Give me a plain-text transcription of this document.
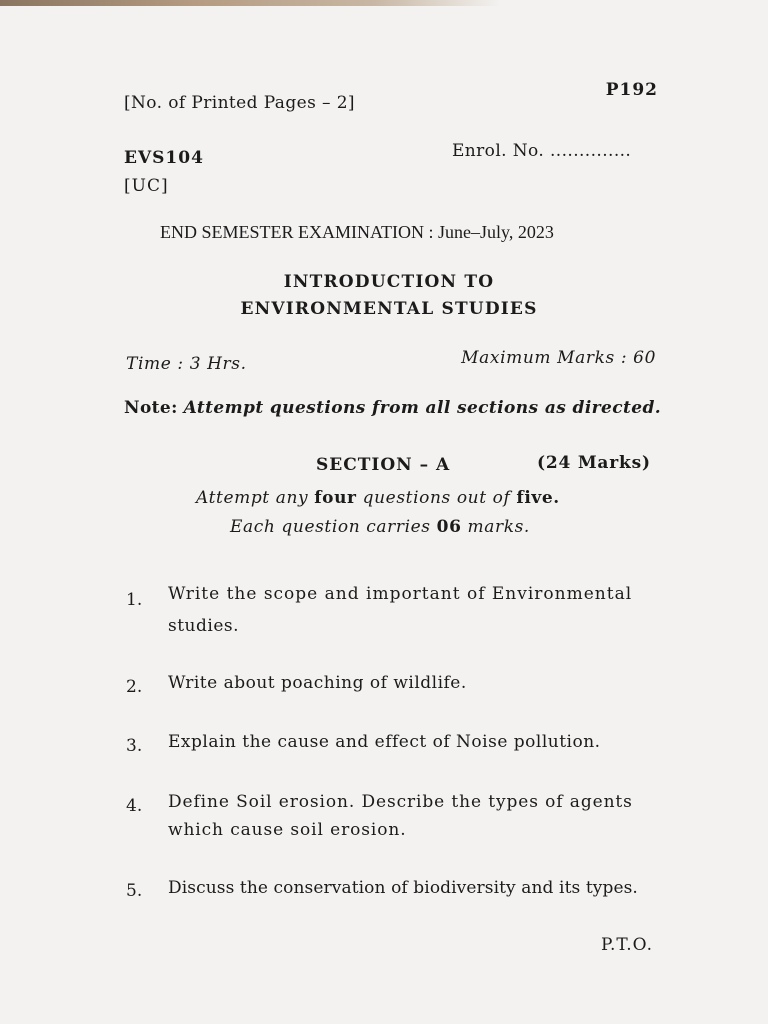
[No. of Printed Pages – 2]
P192
EVS104	Enrol. No. ..............
[UC]
END SEMESTER EXAMINATION : June–July, 2023
INTRODUCTION TO
ENVIRONMENTAL STUDIES
Time : 3 Hrs.	Maximum Marks : 60
Note: Attempt questions from all sections as directed.
SECTION – A	(24 Marks)
Attempt any four questions out of five.
Each question carries 06 marks.
1. Write the scope and important of Environmental
studies.
2. Write about poaching of wildlife.
3. Explain the cause and effect of Noise pollution.
4. Define Soil erosion. Describe the types of agents
which cause soil erosion.
5. Discuss the conservation of biodiversity and its types.
P.T.O.
